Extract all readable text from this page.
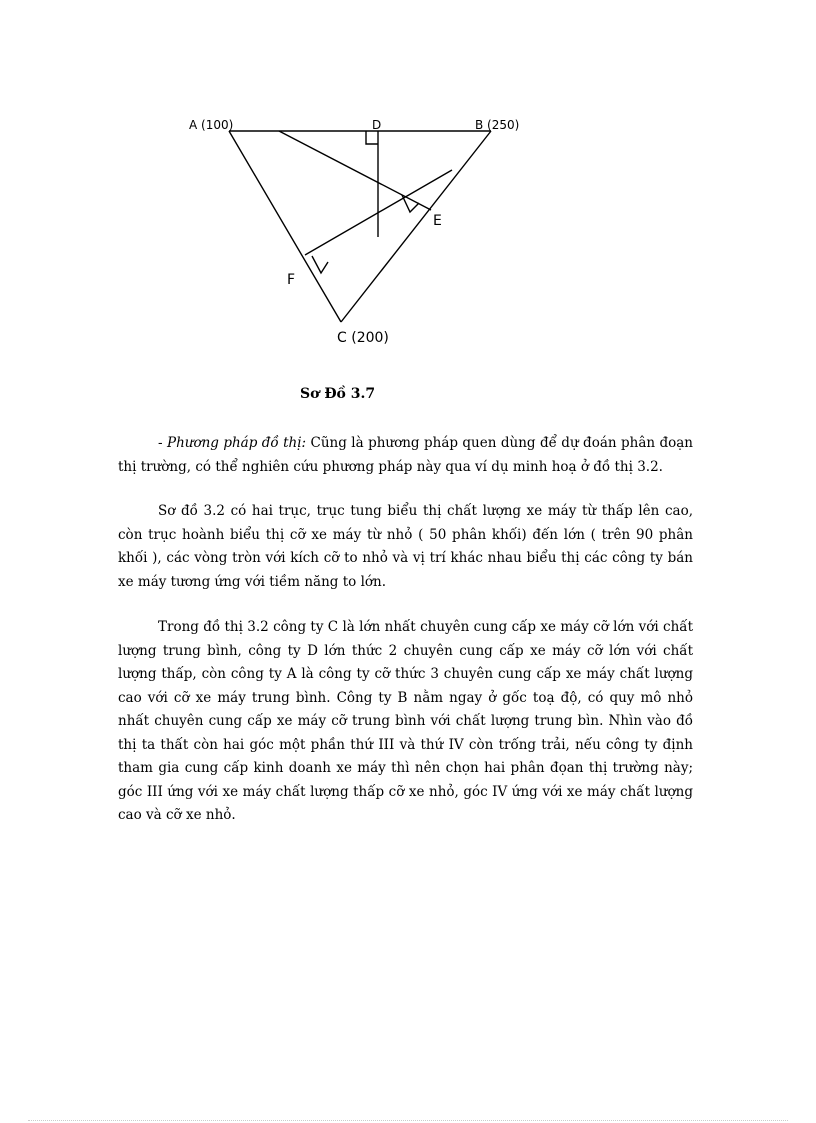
A (100)	B (250)
D
E
F
C (200)

Sơ Đồ 3.7

- Phương pháp đồ thị: Cũng là phương pháp quen dùng để dự đoán phân đoạn thị trường, có thể nghiên cứu phương pháp này qua ví dụ minh hoạ ở đồ thị 3.2.

Sơ đồ 3.2 có hai trục, trục tung biểu thị chất lượng xe máy từ thấp lên cao, còn trục hoành biểu thị cỡ xe máy từ nhỏ ( 50 phân khối) đến lớn ( trên 90 phân khối ), các vòng tròn với kích cỡ to nhỏ và vị trí khác nhau biểu thị các công ty bán xe máy tương ứng với tiềm năng to lớn.

Trong đồ thị 3.2 công ty C là lớn nhất chuyên cung cấp xe máy cỡ lớn với chất lượng trung bình, công ty D lớn thức 2 chuyên cung cấp xe máy cỡ lớn với chất lượng thấp, còn công ty A là công ty cỡ thức 3 chuyên cung cấp xe máy chất lượng cao với cỡ xe máy trung bình. Công ty B nằm ngay ở gốc toạ độ, có quy mô nhỏ nhất chuyên cung cấp xe máy cỡ trung bình với chất lượng trung bìn. Nhìn vào đồ thị ta thất còn hai góc một phần thứ III và thứ IV còn trống trải, nếu công ty định tham gia cung cấp kinh doanh xe máy thì nên chọn hai phân đọan thị trường này; góc III ứng với xe máy chất lượng thấp cỡ xe nhỏ, góc IV ứng với xe máy chất lượng cao và cỡ xe nhỏ.
